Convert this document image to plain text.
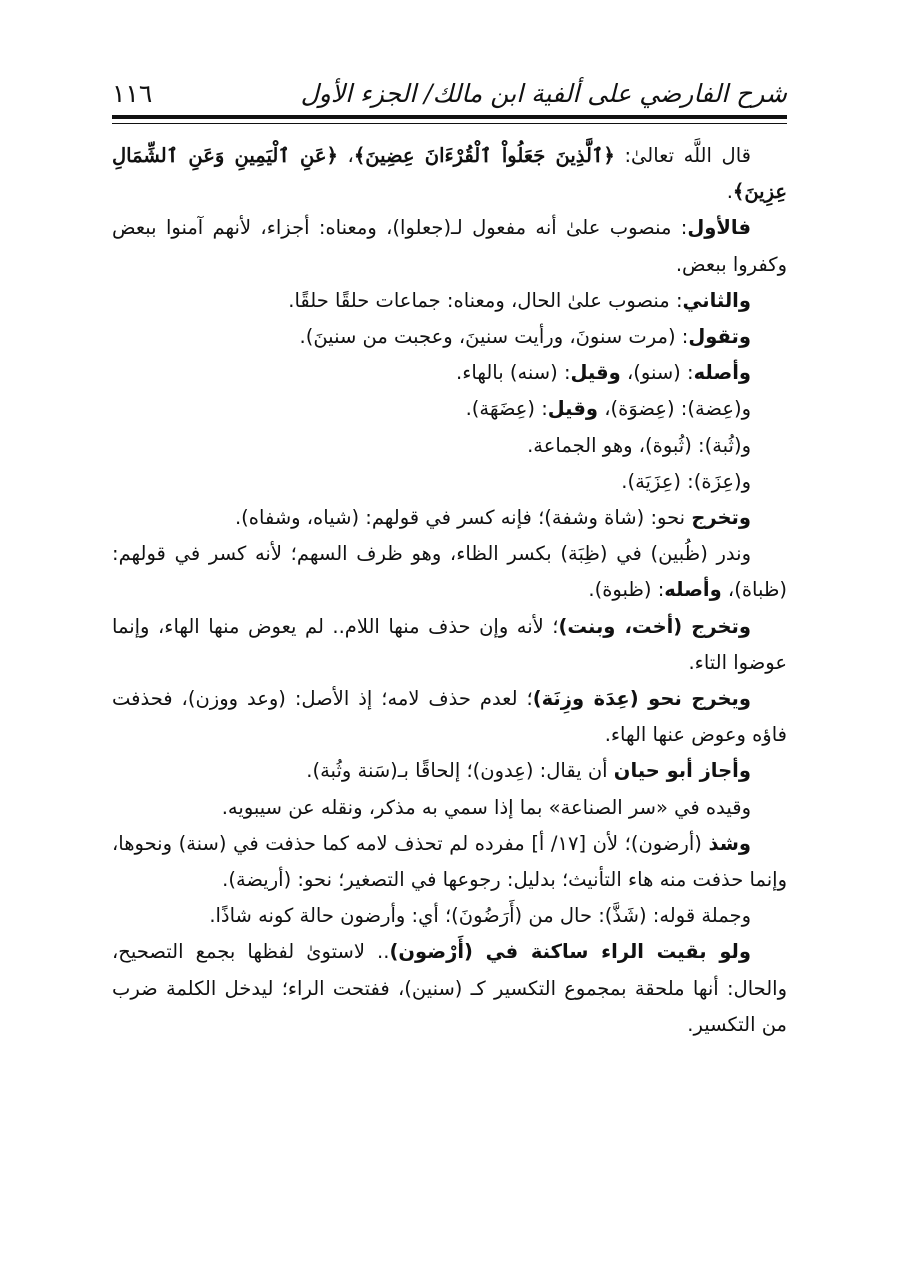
١١٦	شرح الفارضي على ألفية ابن مالك/ الجزء الأول

قال اللَّه تعالىٰ: ﴿ٱلَّذِينَ جَعَلُواْ ٱلْقُرْءَانَ عِضِينَ﴾، ﴿عَنِ ٱلْيَمِينِ وَعَنِ ٱلشِّمَالِ عِزِينَ﴾.

فالأول: منصوب علىٰ أنه مفعول لـ(جعلوا)، ومعناه: أجزاء، لأنهم آمنوا ببعض وكفروا ببعض.

والثاني: منصوب علىٰ الحال، ومعناه: جماعات حلقًا حلقًا.

وتقول: (مرت سنونَ، ورأيت سنينَ، وعجبت من سنينَ).

وأصله: (سنو)، وقيل: (سنه) بالهاء.

و(عِضة): (عِضوَة)، وقيل: (عِضَهَة).

و(ثُبة): (ثُبوة)، وهو الجماعة.

و(عِزَة): (عِزَيَة).

وتخرج نحو: (شاة وشفة)؛ فإنه كسر في قولهم: (شياه، وشفاه).

وندر (ظُبين) في (ظِبَة) بكسر الظاء، وهو ظرف السهم؛ لأنه كسر في قولهم: (ظباة)، وأصله: (ظبوة).

وتخرج (أخت، وبنت)؛ لأنه وإن حذف منها اللام.. لم يعوض منها الهاء، وإنما عوضوا التاء.

ويخرج نحو (عِدَة وزِنَة)؛ لعدم حذف لامه؛ إذ الأصل: (وعد ووزن)، فحذفت فاؤه وعوض عنها الهاء.

وأجاز أبو حيان أن يقال: (عِدون)؛ إلحاقًا بـ(سَنة وثُبة).

وقيده في «سر الصناعة» بما إذا سمي به مذكر، ونقله عن سيبويه.

وشذ (أرضون)؛ لأن [١٧/ أ] مفرده لم تحذف لامه كما حذفت في (سنة) ونحوها، وإنما حذفت منه هاء التأنيث؛ بدليل: رجوعها في التصغير؛ نحو: (أريضة).

وجملة قوله: (شَذَّ): حال من (أَرَضُونَ)؛ أي: وأرضون حالة كونه شاذًا.

ولو بقيت الراء ساكنة في (أَرْضون).. لاستوىٰ لفظها بجمع التصحيح، والحال: أنها ملحقة بمجموع التكسير كـ (سنين)، ففتحت الراء؛ ليدخل الكلمة ضرب من التكسير.
